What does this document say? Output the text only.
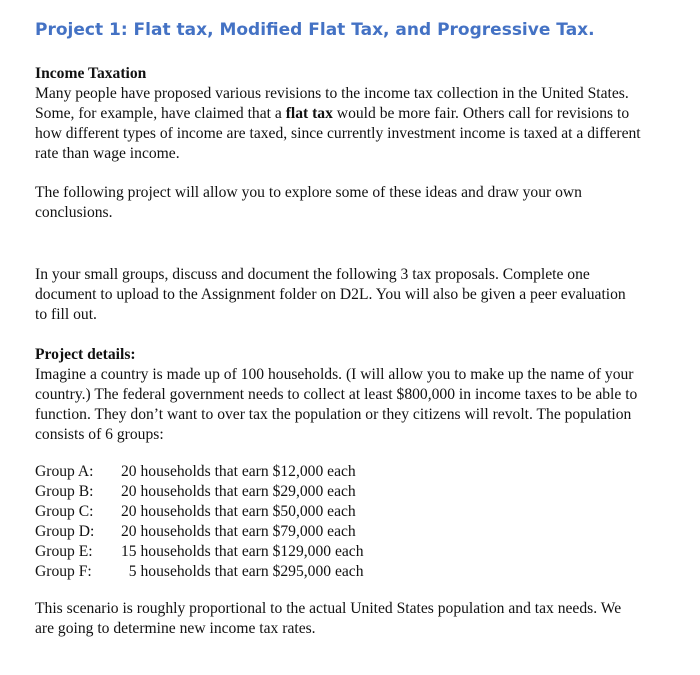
Project 1: Flat tax, Modified Flat Tax, and Progressive Tax.
Income Taxation
Many people have proposed various revisions to the income tax collection in the United States.
Some, for example, have claimed that a flat tax would be more fair. Others call for revisions to
how different types of income are taxed, since currently investment income is taxed at a different
rate than wage income.
The following project will allow you to explore some of these ideas and draw your own
conclusions.
In your small groups, discuss and document the following 3 tax proposals. Complete one
document to upload to the Assignment folder on D2L. You will also be given a peer evaluation
to fill out.
Project details:
Imagine a country is made up of 100 households. (I will allow you to make up the name of your
country.) The federal government needs to collect at least $800,000 in income taxes to be able to
function. They don’t want to over tax the population or they citizens will revolt. The population
consists of 6 groups:
Group A: 20 households that earn $12,000 each
Group B: 20 households that earn $29,000 each
Group C: 20 households that earn $50,000 each
Group D: 20 households that earn $79,000 each
Group E: 15 households that earn $129,000 each
Group F:  5 households that earn $295,000 each
This scenario is roughly proportional to the actual United States population and tax needs. We
are going to determine new income tax rates.
